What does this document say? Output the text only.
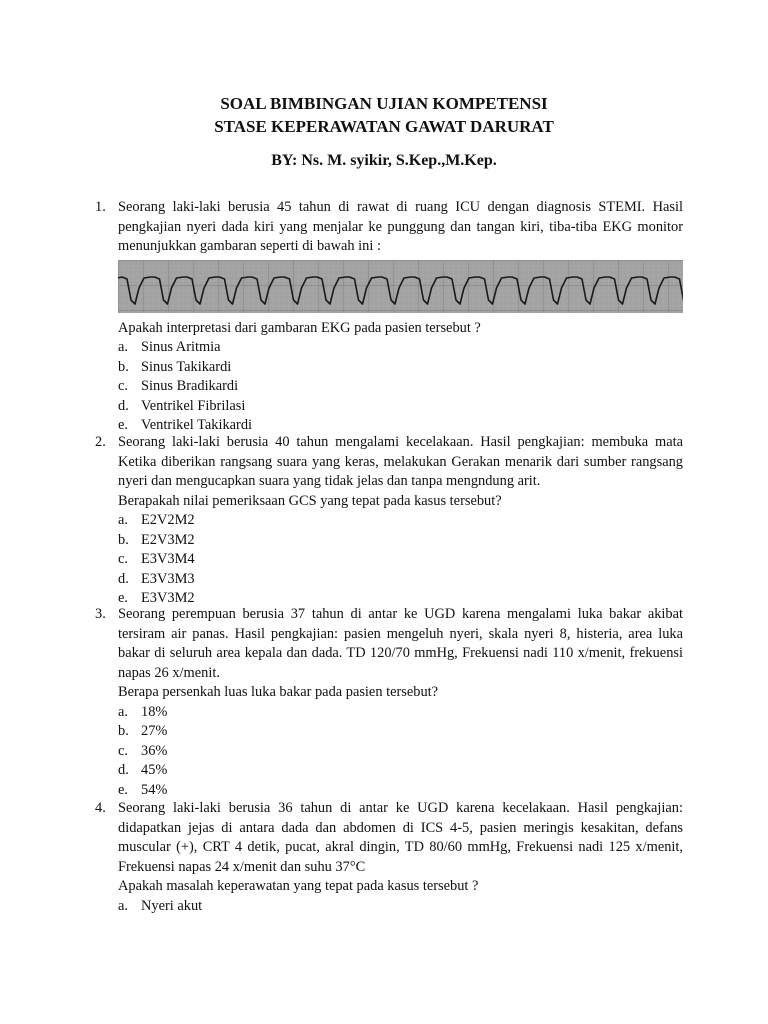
SOAL BIMBINGAN UJIAN KOMPETENSI
STASE KEPERAWATAN GAWAT DARURAT
BY: Ns. M. syikir, S.Kep.,M.Kep.
1. Seorang laki-laki berusia 45 tahun di rawat di ruang ICU dengan diagnosis STEMI. Hasil pengkajian nyeri dada kiri yang menjalar ke punggung dan tangan kiri, tiba-tiba EKG monitor menunjukkan gambaran seperti di bawah ini :
Apakah interpretasi dari gambaran EKG pada pasien tersebut ?
a. Sinus Aritmia
b. Sinus Takikardi
c. Sinus Bradikardi
d. Ventrikel Fibrilasi
e. Ventrikel Takikardi
2. Seorang laki-laki berusia 40 tahun mengalami kecelakaan. Hasil pengkajian: membuka mata Ketika diberikan rangsang suara yang keras, melakukan Gerakan menarik dari sumber rangsang nyeri dan mengucapkan suara yang tidak jelas dan tanpa mengndung arit.
Berapakah nilai pemeriksaan GCS yang tepat pada kasus tersebut?
a. E2V2M2
b. E2V3M2
c. E3V3M4
d. E3V3M3
e. E3V3M2
3. Seorang perempuan berusia 37 tahun di antar ke UGD karena mengalami luka bakar akibat tersiram air panas. Hasil pengkajian: pasien mengeluh nyeri, skala nyeri 8, histeria, area luka bakar di seluruh area kepala dan dada. TD 120/70 mmHg, Frekuensi nadi 110 x/menit, frekuensi napas 26 x/menit.
Berapa persenkah luas luka bakar pada pasien tersebut?
a. 18%
b. 27%
c. 36%
d. 45%
e. 54%
4. Seorang laki-laki berusia 36 tahun di antar ke UGD karena kecelakaan. Hasil pengkajian: didapatkan jejas di antara dada dan abdomen di ICS 4-5, pasien meringis kesakitan, defans muscular (+), CRT 4 detik, pucat, akral dingin, TD 80/60 mmHg, Frekuensi nadi 125 x/menit, Frekuensi napas 24 x/menit dan suhu 37°C
Apakah masalah keperawatan yang tepat pada kasus tersebut ?
a. Nyeri akut
